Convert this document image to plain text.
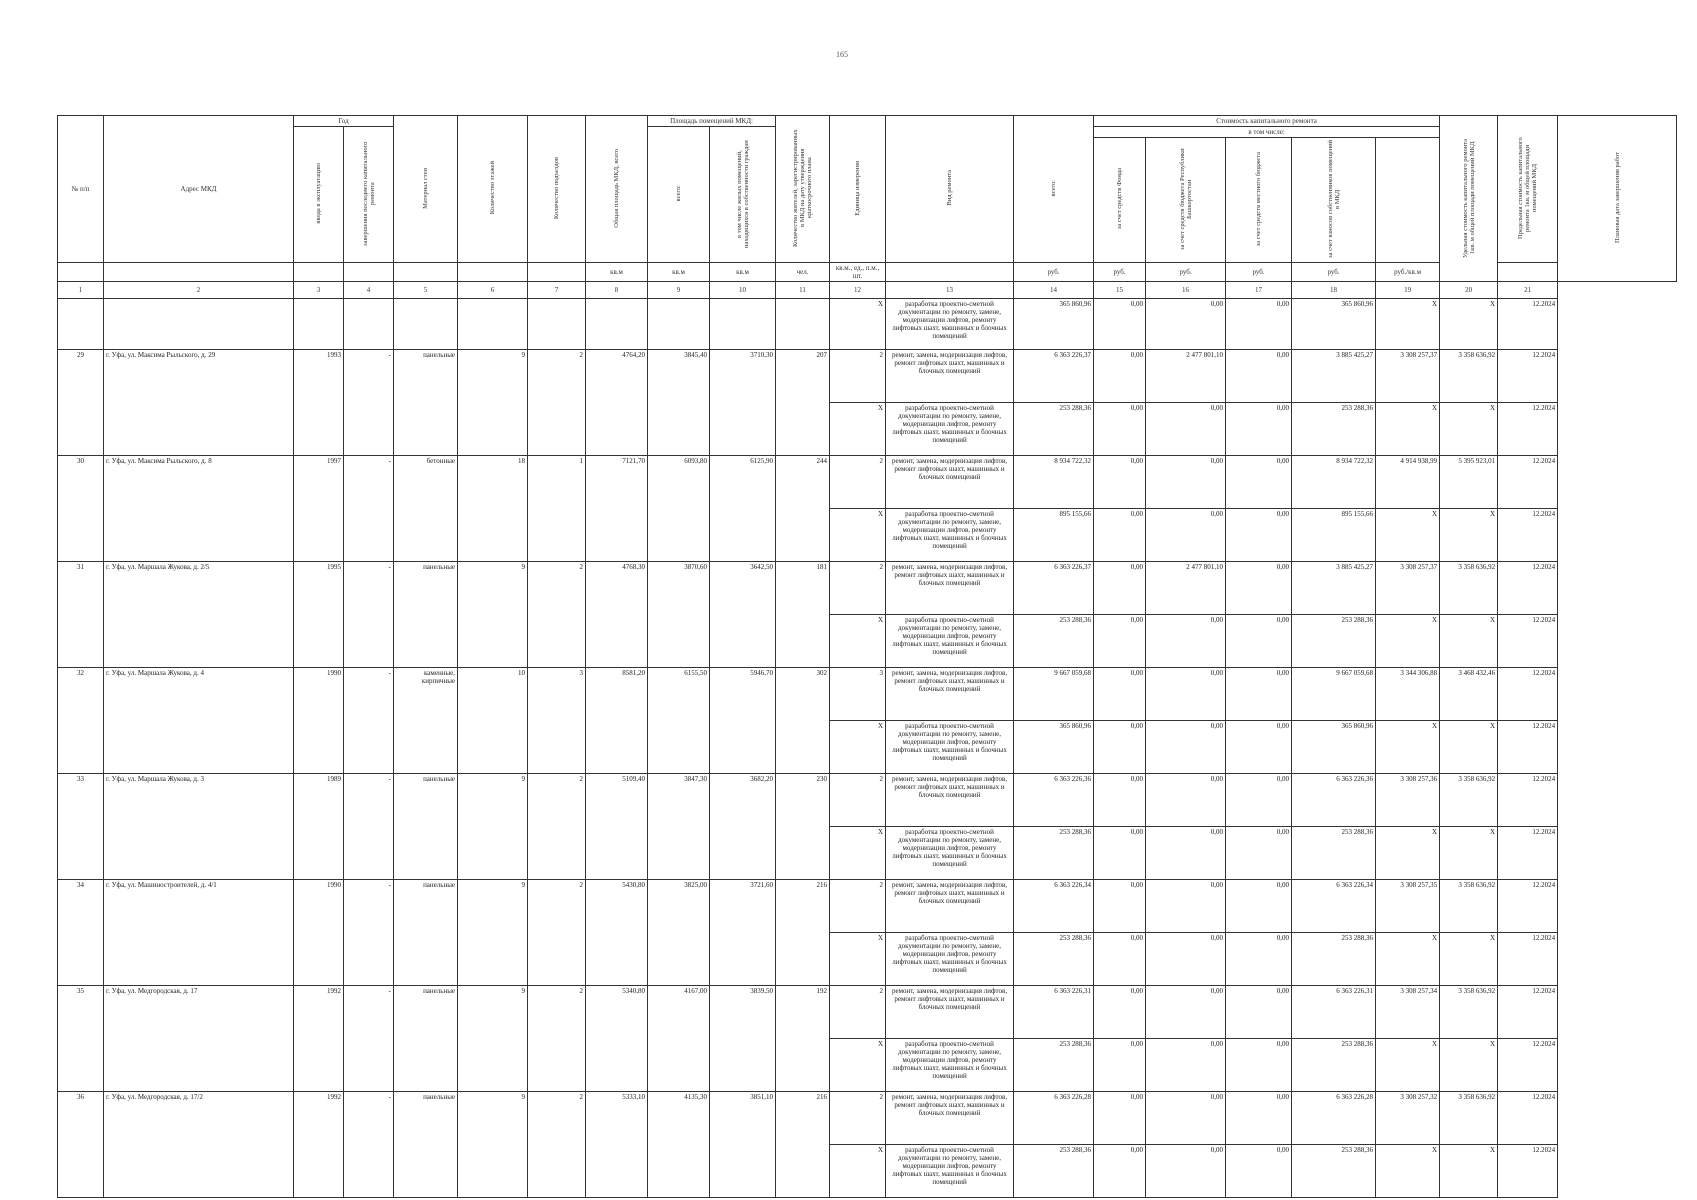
165
№ п/п	Адрес МКД	Год		Материал стен	Количество этажей	Количество подъездов	Общая площадь МКД, всего	Площадь помещений МКД:		Количество жителей, зарегистрированных в МКД на дату утверждения краткосрочного плана	Единица измерения	Вид ремонта	всего:	Стоимость капитального ремонта					Удельная стоимость капитального ремонта 1кв. м общей площади помещений МКД	Предельная стоимость капитального ремонта 1кв. м общей площади помещений МКД	Плановая дата завершения работ
		ввода в эксплуатацию	завершения последнего капитального ремонта					всего:	в том числе жилых помещений, находящихся в собственности граждан					в том числе:							
														за счет средств Фонда	за счет средств бюджета Республики Башкортостан	за счет средств местного бюджета	за счет взносов собственников помещений в МКД				
							кв.м	кв.м	кв.м	чел.	кв.м., ед., п.м., шт.		руб.	руб.	руб.	руб.	руб.	руб./кв.м			
1	2	3	4	5	6	7	8	9	10	11	12	13	14	15	16	17	18	19	20	21	
											X	разработка проектно-сметной документации по ремонту, замене, модернизации лифтов, ремонту лифтовых шахт, машинных и блочных помещений	365 860,96	0,00	0,00	0,00	365 860,96	X	X	12.2024	
29	г. Уфа, ул. Максима Рыльского, д. 29	1993	-	панельные	9	2	4764,20	3845,40	3710,30	207	2	ремонт, замена, модернизация лифтов, ремонт лифтовых шахт, машинных и блочных помещений	6 363 226,37	0,00	2 477 801,10	0,00	3 885 425,27	3 308 257,37	3 358 636,92	12.2024	
											X	разработка проектно-сметной документации по ремонту, замене, модернизации лифтов, ремонту лифтовых шахт, машинных и блочных помещений	253 288,36	0,00	0,00	0,00	253 288,36	X	X	12.2024	
30	г. Уфа, ул. Максима Рыльского, д. 8	1997	-	бетонные	18	1	7121,70	6093,80	6125,90	244	2	ремонт, замена, модернизация лифтов, ремонт лифтовых шахт, машинных и блочных помещений	8 934 722,32	0,00	0,00	0,00	8 934 722,32	4 914 938,99	5 395 923,01	12.2024	
											X	разработка проектно-сметной документации по ремонту, замене, модернизации лифтов, ремонту лифтовых шахт, машинных и блочных помещений	895 155,66	0,00	0,00	0,00	895 155,66	X	X	12.2024	
31	г. Уфа, ул. Маршала Жукова, д. 2/5	1995	-	панельные	9	2	4768,30	3870,60	3642,50	181	2	ремонт, замена, модернизация лифтов, ремонт лифтовых шахт, машинных и блочных помещений	6 363 226,37	0,00	2 477 801,10	0,00	3 885 425,27	3 308 257,37	3 358 636,92	12.2024	
											X	разработка проектно-сметной документации по ремонту, замене, модернизации лифтов, ремонту лифтовых шахт, машинных и блочных помещений	253 288,36	0,00	0,00	0,00	253 288,36	X	X	12.2024	
32	г. Уфа, ул. Маршала Жукова, д. 4	1990	-	каменные, кирпичные	10	3	8581,20	6155,50	5946,70	302	3	ремонт, замена, модернизация лифтов, ремонт лифтовых шахт, машинных и блочных помещений	9 667 059,68	0,00	0,00	0,00	9 667 059,68	3 344 306,88	3 468 432,46	12.2024	
											X	разработка проектно-сметной документации по ремонту, замене, модернизации лифтов, ремонту лифтовых шахт, машинных и блочных помещений	365 860,96	0,00	0,00	0,00	365 860,96	X	X	12.2024	
33	г. Уфа, ул. Маршала Жукова, д. 3	1989	-	панельные	9	2	5109,40	3847,30	3682,20	230	2	ремонт, замена, модернизация лифтов, ремонт лифтовых шахт, машинных и блочных помещений	6 363 226,36	0,00	0,00	0,00	6 363 226,36	3 308 257,36	3 358 636,92	12.2024	
											X	разработка проектно-сметной документации по ремонту, замене, модернизации лифтов, ремонту лифтовых шахт, машинных и блочных помещений	253 288,36	0,00	0,00	0,00	253 288,36	X	X	12.2024	
34	г. Уфа, ул. Машиностроителей, д. 4/1	1990	-	панельные	9	2	5430,80	3825,00	3721,60	216	2	ремонт, замена, модернизация лифтов, ремонт лифтовых шахт, машинных и блочных помещений	6 363 226,34	0,00	0,00	0,00	6 363 226,34	3 308 257,35	3 358 636,92	12.2024	
											X	разработка проектно-сметной документации по ремонту, замене, модернизации лифтов, ремонту лифтовых шахт, машинных и блочных помещений	253 288,36	0,00	0,00	0,00	253 288,36	X	X	12.2024	
35	г. Уфа, ул. Медгородская, д. 17	1992	-	панельные	9	2	5340,80	4167,00	3839,50	192	2	ремонт, замена, модернизация лифтов, ремонт лифтовых шахт, машинных и блочных помещений	6 363 226,31	0,00	0,00	0,00	6 363 226,31	3 308 257,34	3 358 636,92	12.2024	
											X	разработка проектно-сметной документации по ремонту, замене, модернизации лифтов, ремонту лифтовых шахт, машинных и блочных помещений	253 288,36	0,00	0,00	0,00	253 288,36	X	X	12.2024	
36	г. Уфа, ул. Медгородская, д. 17/2	1992	-	панельные	9	2	5333,10	4135,30	3851,10	216	2	ремонт, замена, модернизация лифтов, ремонт лифтовых шахт, машинных и блочных помещений	6 363 226,28	0,00	0,00	0,00	6 363 226,28	3 308 257,32	3 358 636,92	12.2024	
											X	разработка проектно-сметной документации по ремонту, замене, модернизации лифтов, ремонту лифтовых шахт, машинных и блочных помещений	253 288,36	0,00	0,00	0,00	253 288,36	X	X	12.2024	
